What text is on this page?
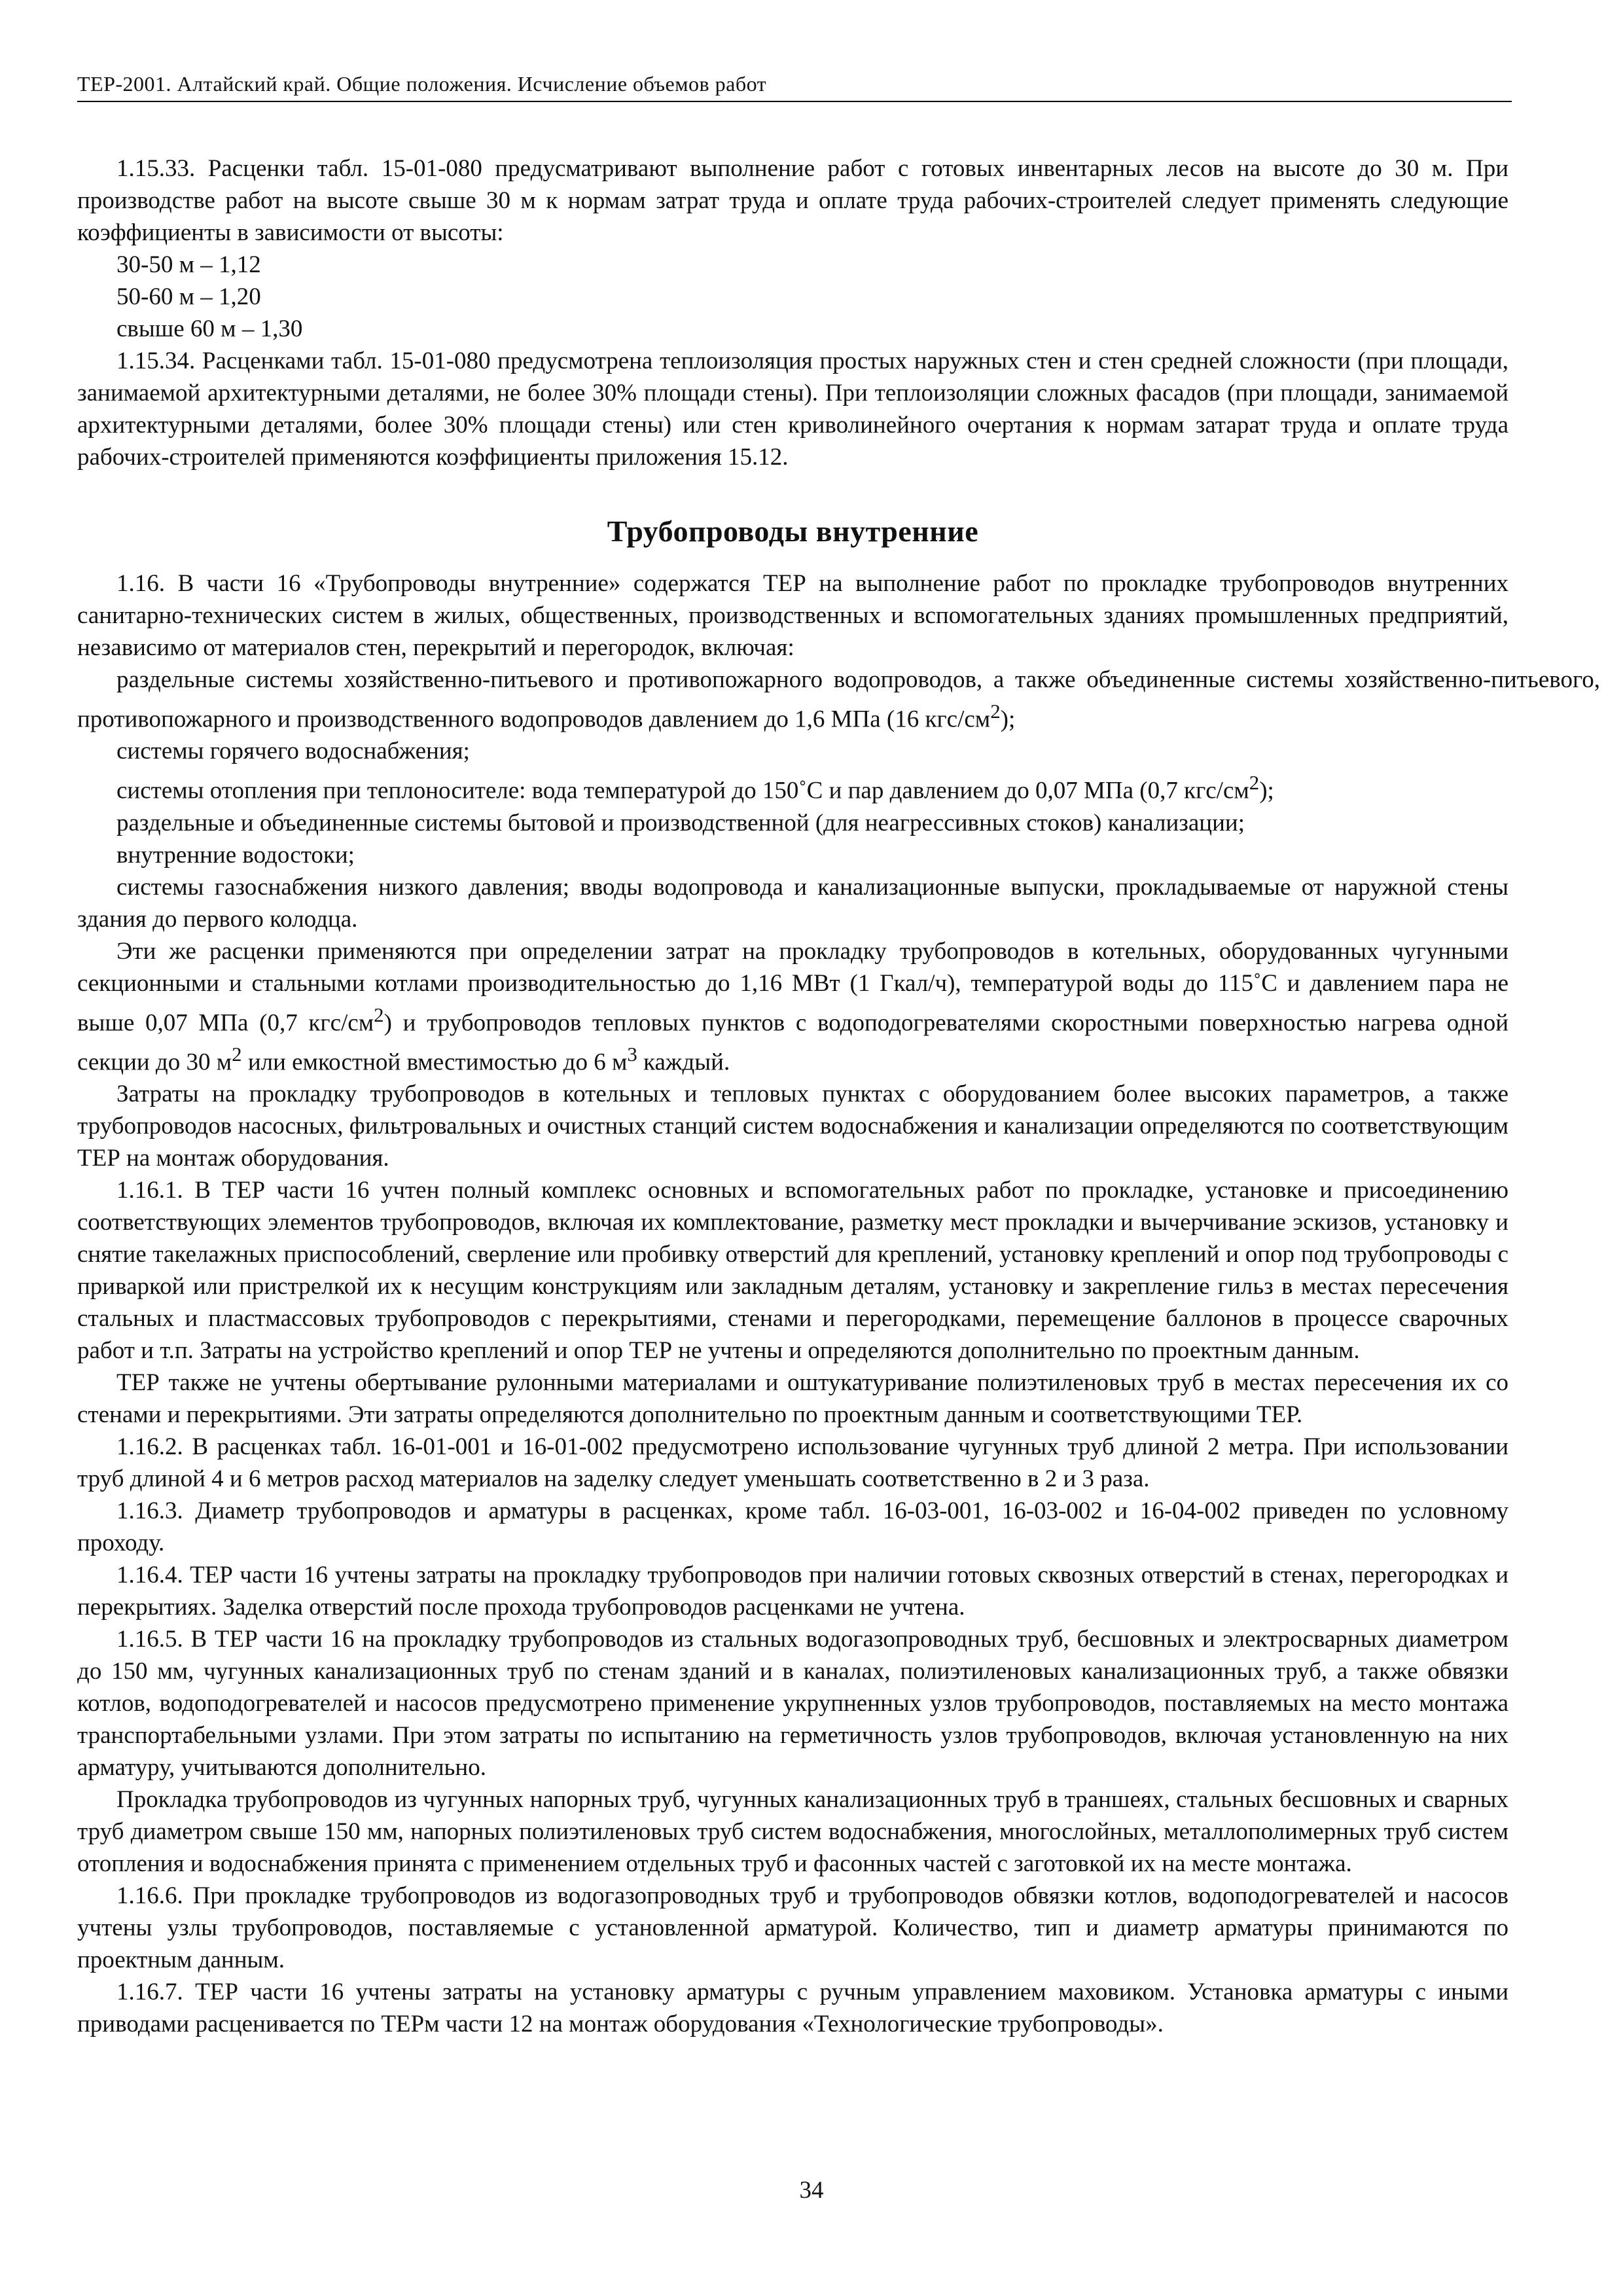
ТЕР-2001. Алтайский край. Общие положения. Исчисление объемов работ

1.15.33. Расценки табл. 15-01-080 предусматривают выполнение работ с готовых инвентарных лесов на высоте до 30 м. При производстве работ на высоте свыше 30 м к нормам затрат труда и оплате труда рабочих-строителей следует применять следующие коэффициенты в зависимости от высоты:

30-50 м – 1,12

50-60 м – 1,20

свыше 60 м – 1,30

1.15.34. Расценками табл. 15-01-080 предусмотрена теплоизоляция простых наружных стен и стен средней сложности (при площади, занимаемой архитектурными деталями, не более 30% площади стены). При теплоизоляции сложных фасадов (при площади, занимаемой архитектурными деталями, более 30% площади стены) или стен криволинейного очертания к нормам затарат труда и оплате труда рабочих-строителей применяются коэффициенты приложения 15.12.

Трубопроводы внутренние

1.16. В части 16 «Трубопроводы внутренние» содержатся ТЕР на выполнение работ по прокладке трубопроводов внутренних санитарно-технических систем в жилых, общественных, производственных и вспомогательных зданиях промышленных предприятий, независимо от материалов стен, перекрытий и перегородок, включая:

раздельные системы хозяйственно-питьевого и противопожарного водопроводов, а также объединенные системы хозяйственно-питьевого, противопожарного и производственного водопроводов давлением до 1,6 МПа (16 кгс/$см^2$);

системы горячего водоснабжения;

системы отопления при теплоносителе: вода температурой до 150˚С и пар давлением до 0,07 МПа (0,7 кгс/$см^2$);

раздельные и объединенные системы бытовой и производственной (для неагрессивных стоков) канализации;

внутренние водостоки;

системы газоснабжения низкого давления; вводы водопровода и канализационные выпуски, прокладываемые от наружной стены здания до первого колодца.

Эти же расценки применяются при определении затрат на прокладку трубопроводов в котельных, оборудованных чугунными секционными и стальными котлами производительностью до 1,16 МВт (1 Гкал/ч), температурой воды до 115˚С и давлением пара не выше 0,07 МПа (0,7 кгс/$см^2$) и трубопроводов тепловых пунктов с водоподогревателями скоростными поверхностью нагрева одной секции до 30 $м^2$ или емкостной вместимостью до 6 $м^3$ каждый.

Затраты на прокладку трубопроводов в котельных и тепловых пунктах с оборудованием более высоких параметров, а также трубопроводов насосных, фильтровальных и очистных станций систем водоснабжения и канализации определяются по соответствующим ТЕР на монтаж оборудования.

1.16.1. В ТЕР части 16 учтен полный комплекс основных и вспомогательных работ по прокладке, установке и присоединению соответствующих элементов трубопроводов, включая их комплектование, разметку мест прокладки и вычерчивание эскизов, установку и снятие такелажных приспособлений, сверление или пробивку отверстий для креплений, установку креплений и опор под трубопроводы с приваркой или пристрелкой их к несущим конструкциям или закладным деталям, установку и закрепление гильз в местах пересечения стальных и пластмассовых трубопроводов с перекрытиями, стенами и перегородками, перемещение баллонов в процессе сварочных работ и т.п. Затраты на устройство креплений и опор ТЕР не учтены и определяются дополнительно по проектным данным.

ТЕР также не учтены обертывание рулонными материалами и оштукатуривание полиэтиленовых труб в местах пересечения их со стенами и перекрытиями. Эти затраты определяются дополнительно по проектным данным и соответствующими ТЕР.

1.16.2. В расценках табл. 16-01-001 и 16-01-002 предусмотрено использование чугунных труб длиной 2 метра. При использовании труб длиной 4 и 6 метров расход материалов на заделку следует уменьшать соответственно в 2 и 3 раза.

1.16.3. Диаметр трубопроводов и арматуры в расценках, кроме табл. 16-03-001, 16-03-002 и 16-04-002 приведен по условному проходу.

1.16.4. ТЕР части 16 учтены затраты на прокладку трубопроводов при наличии готовых сквозных отверстий в стенах, перегородках и перекрытиях. Заделка отверстий после прохода трубопроводов расценками не учтена.

1.16.5. В ТЕР части 16 на прокладку трубопроводов из стальных водогазопроводных труб, бесшовных и электросварных диаметром до 150 мм, чугунных канализационных труб по стенам зданий и в каналах, полиэтиленовых канализационных труб, а также обвязки котлов, водоподогревателей и насосов предусмотрено применение укрупненных узлов трубопроводов, поставляемых на место монтажа транспортабельными узлами. При этом затраты по испытанию на герметичность узлов трубопроводов, включая установленную на них арматуру, учитываются дополнительно.

Прокладка трубопроводов из чугунных напорных труб, чугунных канализационных труб в траншеях, стальных бесшовных и сварных труб диаметром свыше 150 мм, напорных полиэтиленовых труб систем водоснабжения, многослойных, металлополимерных труб систем отопления и водоснабжения принята с применением отдельных труб и фасонных частей с заготовкой их на месте монтажа.

1.16.6. При прокладке трубопроводов из водогазопроводных труб и трубопроводов обвязки котлов, водоподогревателей и насосов учтены узлы трубопроводов, поставляемые с установленной арматурой. Количество, тип и диаметр арматуры принимаются по проектным данным.

1.16.7. ТЕР части 16 учтены затраты на установку арматуры с ручным управлением маховиком. Установка арматуры с иными приводами расценивается по ТЕРм части 12 на монтаж оборудования «Технологические трубопроводы».

34
